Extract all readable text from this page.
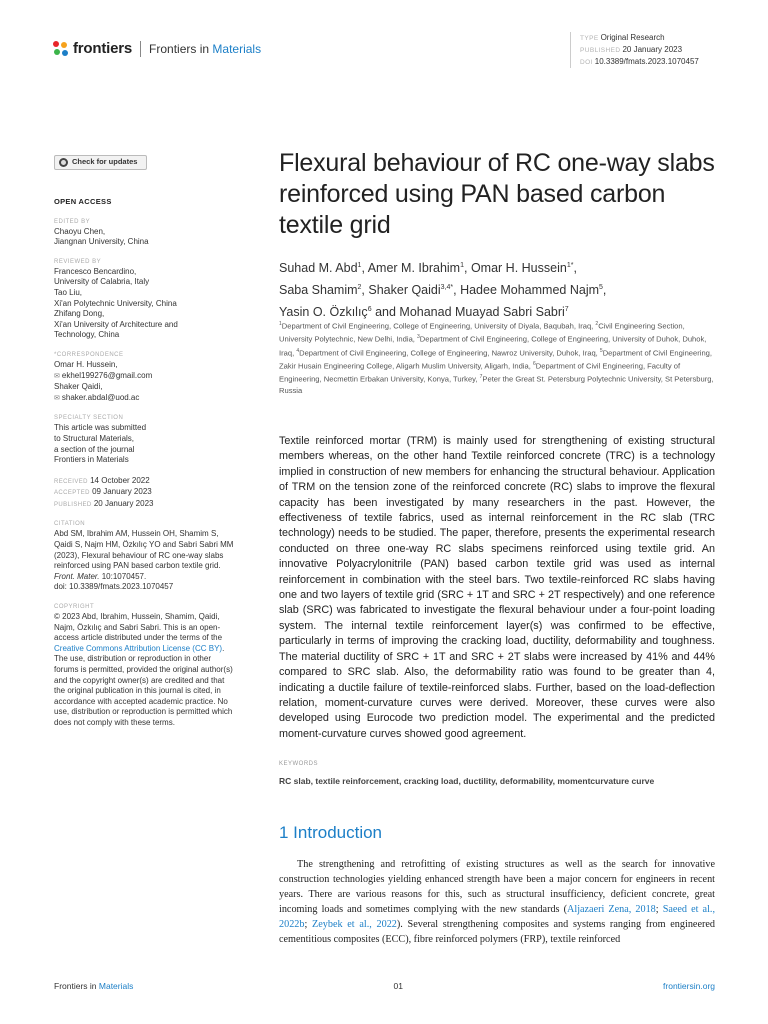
frontiers Frontiers in Materials
TYPE Original Research
PUBLISHED 20 January 2023
DOI 10.3389/fmats.2023.1070457
Check for updates
OPEN ACCESS
EDITED BY
Chaoyu Chen,
Jiangnan University, China
REVIEWED BY
Francesco Bencardino,
University of Calabria, Italy
Tao Liu,
Xi'an Polytechnic University, China
Zhifang Dong,
Xi'an University of Architecture and
Technology, China
*CORRESPONDENCE
Omar H. Hussein,
✉ ekhel199276@gmail.com
Shaker Qaidi,
✉ shaker.abdal@uod.ac
SPECIALTY SECTION
This article was submitted
to Structural Materials,
a section of the journal
Frontiers in Materials
RECEIVED 14 October 2022
ACCEPTED 09 January 2023
PUBLISHED 20 January 2023
CITATION
Abd SM, Ibrahim AM, Hussein OH, Shamim S, Qaidi S, Najm HM, Özkılıç YO and Sabri Sabri MM (2023), Flexural behaviour of RC one-way slabs reinforced using PAN based carbon textile grid. Front. Mater. 10:1070457.
doi: 10.3389/fmats.2023.1070457
COPYRIGHT
© 2023 Abd, Ibrahim, Hussein, Shamim, Qaidi, Najm, Özkılıç and Sabri Sabri. This is an open-access article distributed under the terms of the Creative Commons Attribution License (CC BY). The use, distribution or reproduction in other forums is permitted, provided the original author(s) and the copyright owner(s) are credited and that the original publication in this journal is cited, in accordance with accepted academic practice. No use, distribution or reproduction is permitted which does not comply with these terms.
Flexural behaviour of RC one-way slabs reinforced using PAN based carbon textile grid
Suhad M. Abd$^1$, Amer M. Ibrahim$^1$, Omar H. Hussein$^{1*}$,
Saba Shamim$^2$, Shaker Qaidi$^{3,4*}$, Hadee Mohammed Najm$^5$,
Yasin O. Özkılıç$^6$ and Mohanad Muayad Sabri Sabri$^7$
$^1$Department of Civil Engineering, College of Engineering, University of Diyala, Baqubah, Iraq, $^2$Civil Engineering Section, University Polytechnic, New Delhi, India, $^3$Department of Civil Engineering, College of Engineering, University of Duhok, Duhok, Iraq, $^4$Department of Civil Engineering, College of Engineering, Nawroz University, Duhok, Iraq, $^5$Department of Civil Engineering, Zakir Husain Engineering College, Aligarh Muslim University, Aligarh, India, $^6$Department of Civil Engineering, Faculty of Engineering, Necmettin Erbakan University, Konya, Turkey, $^7$Peter the Great St. Petersburg Polytechnic University, St Petersburg, Russia

Textile reinforced mortar (TRM) is mainly used for strengthening of existing structural members whereas, on the other hand Textile reinforced concrete (TRC) is a technology implied in construction of new members for enhancing the structural behaviour. Application of TRM on the tension zone of the reinforced concrete (RC) slabs to improve the flexural capacity has been investigated by many researchers in the past. However, the effectiveness of textile fabrics, used as internal reinforcement in the RC slab (TRC technology) needs to be studied. The paper, therefore, presents the experimental research conducted on three one-way RC slabs specimens reinforced using textile grid. An innovative Polyacrylonitrile (PAN) based carbon textile grid was used as internal reinforcement in combination with the steel bars. Two textile-reinforced RC slabs having one and two layers of textile grid (SRC + 1T and SRC + 2T respectively) and one reference slab (SRC) was fabricated to investigate the flexural behaviour under a four-point loading system. The internal textile reinforcement layer(s) was confirmed to be effective, particularly in terms of improving the cracking load, ductility, deformability and toughness. The material ductility of SRC + 1T and SRC + 2T slabs were increased by 41% and 44% compared to SRC slab. Also, the deformability ratio was found to be greater than 4, indicating a ductile failure of textile-reinforced slabs. Further, based on the load-deflection relation, moment-curvature curves were derived. Moreover, these curves were also developed using Eurocode two prediction model. The experimental and the predicted moment-curvature curves showed good agreement.

KEYWORDS
RC slab, textile reinforcement, cracking load, ductility, deformability, momentcurvature curve
1 Introduction

The strengthening and retrofitting of existing structures as well as the search for innovative construction technologies yielding enhanced strength have been a major concern for engineers in recent years. There are various reasons for this, such as structural insufficiency, deficient concrete, great incoming loads and sometimes complying with the new standards (Aljazaeri Zena, 2018; Saeed et al., 2022b; Zeybek et al., 2022). Several strengthening composites and systems ranging from engineered cementitious composites (ECC), fibre reinforced polymers (FRP), textile reinforced

Frontiers in Materials	01	frontiersin.org
